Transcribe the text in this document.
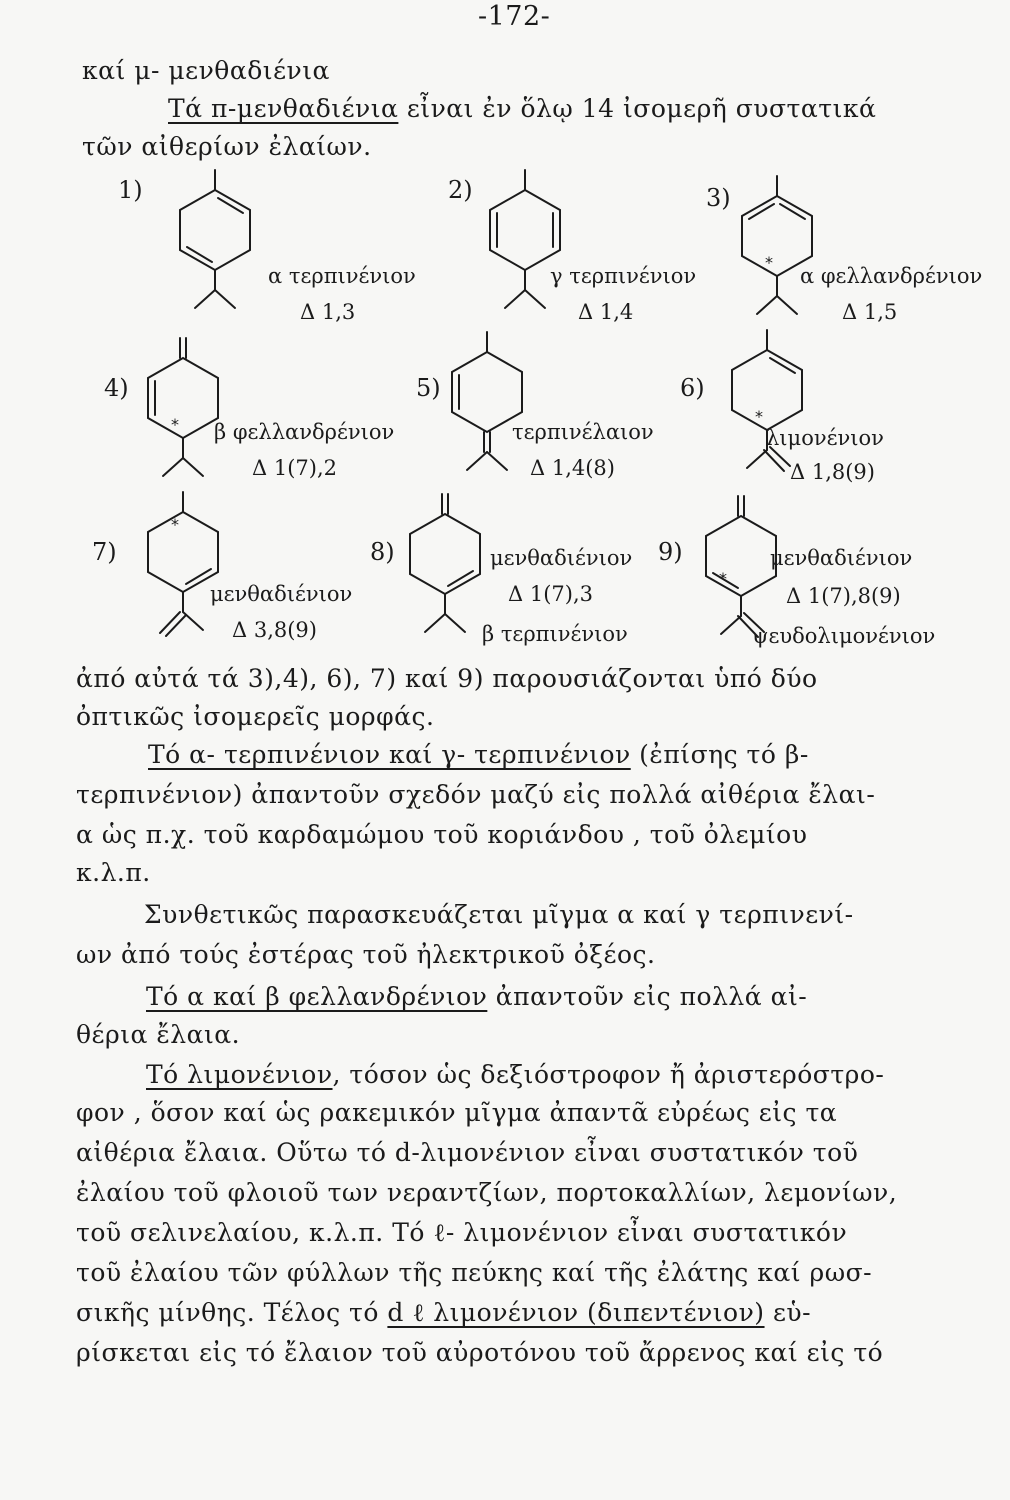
-172-
καί μ- μενθαδιένια
Τά π-μενθαδιένια εἶναι ἐν ὅλῳ 14 ἰσομερῆ συστατικά
τῶν αἰθερίων ἐλαίων.
1)
α τερπινένιον
Δ 1,3
2)
γ τερπινένιον
Δ 1,4
3)
*
α φελλανδρένιον
Δ 1,5
4)
* β φελλανδρένιον
Δ 1(7),2
5)
τερπινέλαιον
Δ 1,4(8)
6)
*
λιμονένιον
Δ 1,8(9)
7)
*
μενθαδιένιον
Δ 3,8(9)
8)	μενθαδιένιον
Δ 1(7),3
β τερπινένιον
9)
*
μενθαδιένιον
Δ 1(7),8(9)
ψευδολιμονένιον
ἀπό αὐτά τά 3),4), 6), 7) καί 9) παρουσιάζονται ὑπό δύο
ὀπτικῶς ἰσομερεῖς μορφάς.
Τό α- τερπινένιον καί γ- τερπινένιον (ἐπίσης τό β-
τερπινένιον) ἀπαντοῦν σχεδόν μαζύ εἰς πολλά αἰθέρια ἔλαι-
α ὡς π.χ. τοῦ καρδαμώμου τοῦ κοριάνδου , τοῦ ὀλεμίου
κ.λ.π.
Συνθετικῶς παρασκευάζεται μῖγμα α καί γ τερπινενί-
ων ἀπό τούς ἐστέρας τοῦ ἠλεκτρικοῦ ὀξέος.
Τό α καί β φελλανδρένιον ἀπαντοῦν εἰς πολλά αἰ-
θέρια ἔλαια.
Τό λιμονένιον, τόσον ὡς δεξιόστροφον ἤ ἀριστερόστρο-
φον , ὅσον καί ὡς ρακεμικόν μῖγμα ἀπαντᾶ εὐρέως εἰς τα
αἰθέρια ἔλαια. Οὕτω τό d-λιμονένιον εἶναι συστατικόν τοῦ
ἐλαίου τοῦ φλοιοῦ των νεραντζίων, πορτοκαλλίων, λεμονίων,
τοῦ σελινελαίου, κ.λ.π. Τό ℓ- λιμονένιον εἶναι συστατικόν
τοῦ ἐλαίου τῶν φύλλων τῆς πεύκης καί τῆς ἐλάτης καί ρωσ-
σικῆς μίνθης. Τέλος τό d ℓ λιμονένιον (διπεντένιον) εὑ-
ρίσκεται εἰς τό ἔλαιον τοῦ αὐροτόνου τοῦ ἄρρενος καί εἰς τό
